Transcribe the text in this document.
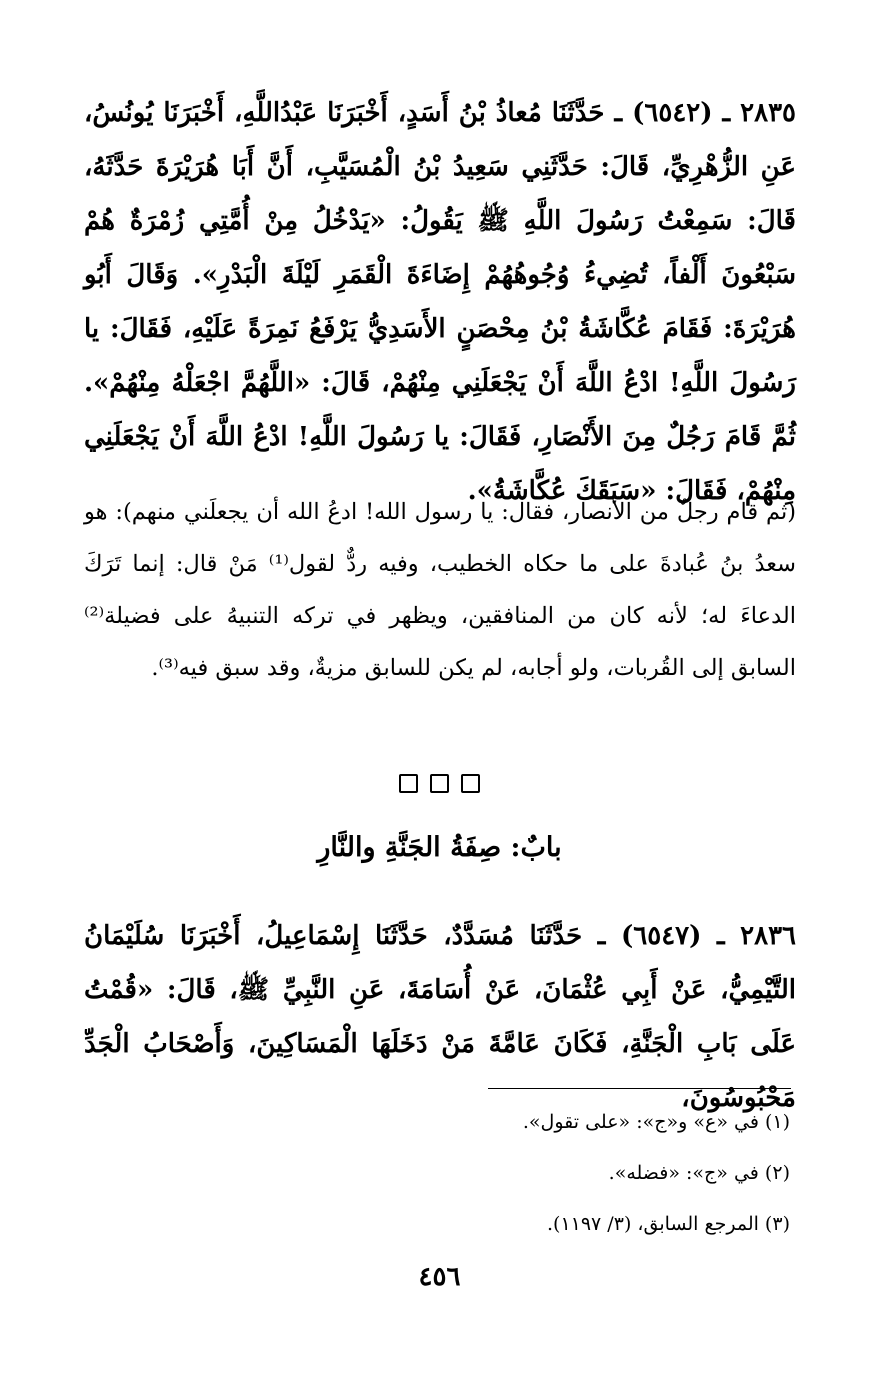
٢٨٣٥ ـ (٦٥٤٢) ـ حَدَّثَنَا مُعاذُ بْنُ أَسَدٍ، أَخْبَرَنَا عَبْدُاللَّهِ، أَخْبَرَنَا يُونُسُ، عَنِ الزُّهْرِيِّ، قَالَ: حَدَّثَنِي سَعِيدُ بْنُ الْمُسَيَّبِ، أَنَّ أَبَا هُرَيْرَةَ حَدَّثَهُ، قَالَ: سَمِعْتُ رَسُولَ اللَّهِ ﷺ يَقُولُ: «يَدْخُلُ مِنْ أُمَّتِي زُمْرَةٌ هُمْ سَبْعُونَ أَلْفاً، تُضِيءُ وُجُوهُهُمْ إِضَاءَةَ الْقَمَرِ لَيْلَةَ الْبَدْرِ». وَقَالَ أَبُو هُرَيْرَةَ: فَقَامَ عُكَّاشَةُ بْنُ مِحْصَنٍ الأَسَدِيُّ يَرْفَعُ نَمِرَةً عَلَيْهِ، فَقَالَ: يا رَسُولَ اللَّهِ! ادْعُ اللَّهَ أَنْ يَجْعَلَنِي مِنْهُمْ، قَالَ: «اللَّهُمَّ اجْعَلْهُ مِنْهُمْ». ثُمَّ قَامَ رَجُلٌ مِنَ الأَنْصَارِ، فَقَالَ: يا رَسُولَ اللَّهِ! ادْعُ اللَّهَ أَنْ يَجْعَلَنِي مِنْهُمْ، فَقَالَ: «سَبَقَكَ عُكَّاشَةُ».

(ثم قام رجلٌ من الأنصار، فقال: يا رسول الله! ادعُ الله أن يجعلَني منهم): هو سعدُ بنُ عُبادةَ على ما حكاه الخطيب، وفيه ردٌّ لقول⁽¹⁾ مَنْ قال: إنما تَرَكَ الدعاءَ له؛ لأنه كان من المنافقين، ويظهر في تركه التنبيهُ على فضيلة⁽²⁾ السابق إلى القُربات، ولو أجابه، لم يكن للسابق مزيةٌ، وقد سبق فيه⁽³⁾.

بابٌ: صِفَةُ الجَنَّةِ والنَّارِ

٢٨٣٦ ـ (٦٥٤٧) ـ حَدَّثَنَا مُسَدَّدٌ، حَدَّثَنَا إِسْمَاعِيلُ، أَخْبَرَنَا سُلَيْمَانُ التَّيْمِيُّ، عَنْ أَبِي عُثْمَانَ، عَنْ أُسَامَةَ، عَنِ النَّبِيِّ ﷺ، قَالَ: «قُمْتُ عَلَى بَابِ الْجَنَّةِ، فَكَانَ عَامَّةَ مَنْ دَخَلَهَا الْمَسَاكِينَ، وَأَصْحَابُ الْجَدِّ مَحْبُوسُونَ،

(١) في «ع» و«ج»: «على تقول».

(٢) في «ج»: «فضله».

(٣) المرجع السابق، (٣/ ١١٩٧).

٤٥٦
